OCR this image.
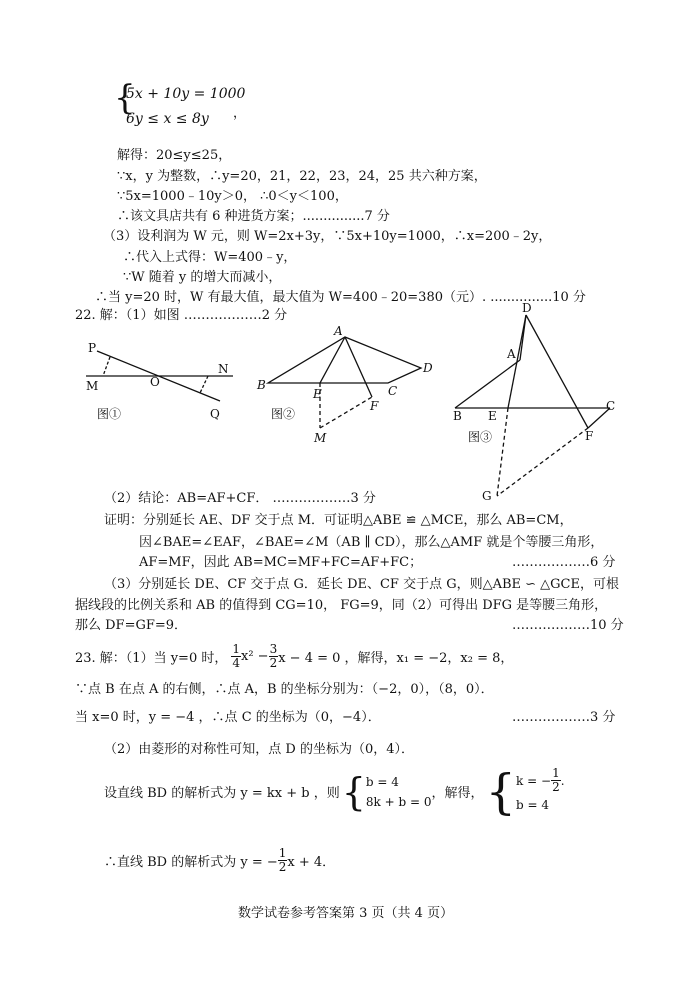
{
5x + 10y = 1000
6y ≤ x ≤ 8y ，
解得：20≤y≤25，
∵x，y 为整数，∴y=20，21，22，23，24，25 共六种方案，
∵5x=1000﹣10y＞0， ∴0＜y＜100，
∴该文具店共有 6 种进货方案；...............7 分
（3）设利润为 W 元，则 W=2x+3y，∵5x+10y=1000，∴x=200﹣2y，
∴代入上式得：W=400﹣y，
∵W 随着 y 的增大而减小，
∴当 y=20 时，W 有最大值，最大值为 W=400﹣20=380（元）. ...............10 分
22. 解：（1）如图 ………………2 分
P
M	O
N
Q
图①
A
B
E
F
C
D
M
图②
D
A
B E
C
F
G
图③
（2）结论：AB=AF+CF． ………………3 分
证明：分别延长 AE、DF 交于点 M．可证明△ABE ≌ △MCE，那么 AB=CM，
因∠BAE=∠EAF，∠BAE=∠M（AB ∥ CD），那么△AMF 就是个等腰三角形，
AF=MF，因此 AB=MC=MF+FC=AF+FC；	………………6 分
（3）分别延长 DE、CF 交于点 G．延长 DE、CF 交于点 G，则△ABE ∽ △GCE，可根
据线段的比例关系和 AB 的值得到 CG=10， FG=9，同（2）可得出 DFG 是等腰三角形，
那么 DF=GF=9．	………………10 分
23. 解：（1）当 y=0 时， $\frac{1}{4} x^2 - \frac{3}{2}$ x − 4 = 0 ，解得，x₁ = −2，x₂ = 8，
∵点 B 在点 A 的右侧，∴点 A，B 的坐标分别为：（−2，0），（8，0）．
当 x=0 时，y = −4 ，∴点 C 的坐标为（0，−4）．	………………3 分
（2）由菱形的对称性可知，点 D 的坐标为（0，4）．
设直线 BD 的解析式为 y = kx + b ，则 { b = 4
8k + b = 0
，解得， { k = − $\frac{1}{2}$ .
b = 4
∴直线 BD 的解析式为 y = − $\frac{1}{2}$ x + 4．
数学试卷参考答案第 3 页（共 4 页）
